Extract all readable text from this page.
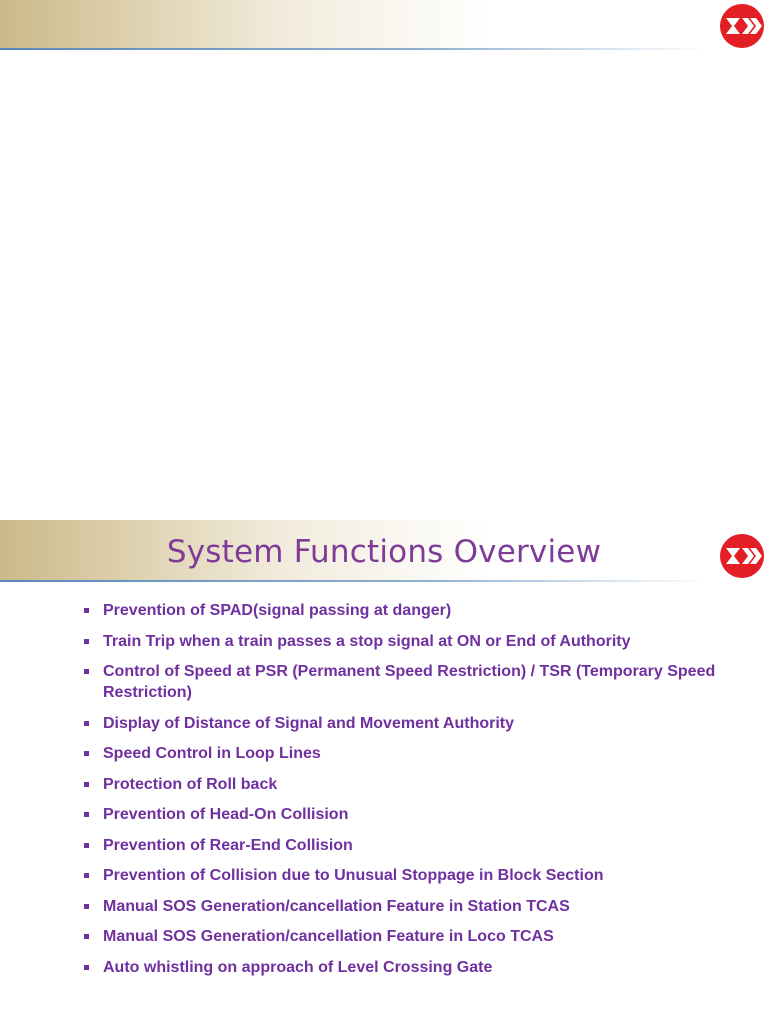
System Functions Overview
Prevention of SPAD(signal passing at danger)
Train Trip when a train passes a stop signal at ON or End of Authority
Control of Speed at PSR (Permanent Speed Restriction) / TSR (Temporary Speed Restriction)
Display of Distance of Signal and Movement Authority
Speed Control in Loop Lines
Protection of Roll back
Prevention of Head-On Collision
Prevention of Rear-End Collision
Prevention of Collision due to Unusual Stoppage in Block Section
Manual SOS Generation/cancellation Feature in Station TCAS
Manual SOS Generation/cancellation Feature in Loco TCAS
Auto whistling on approach of Level Crossing Gate
